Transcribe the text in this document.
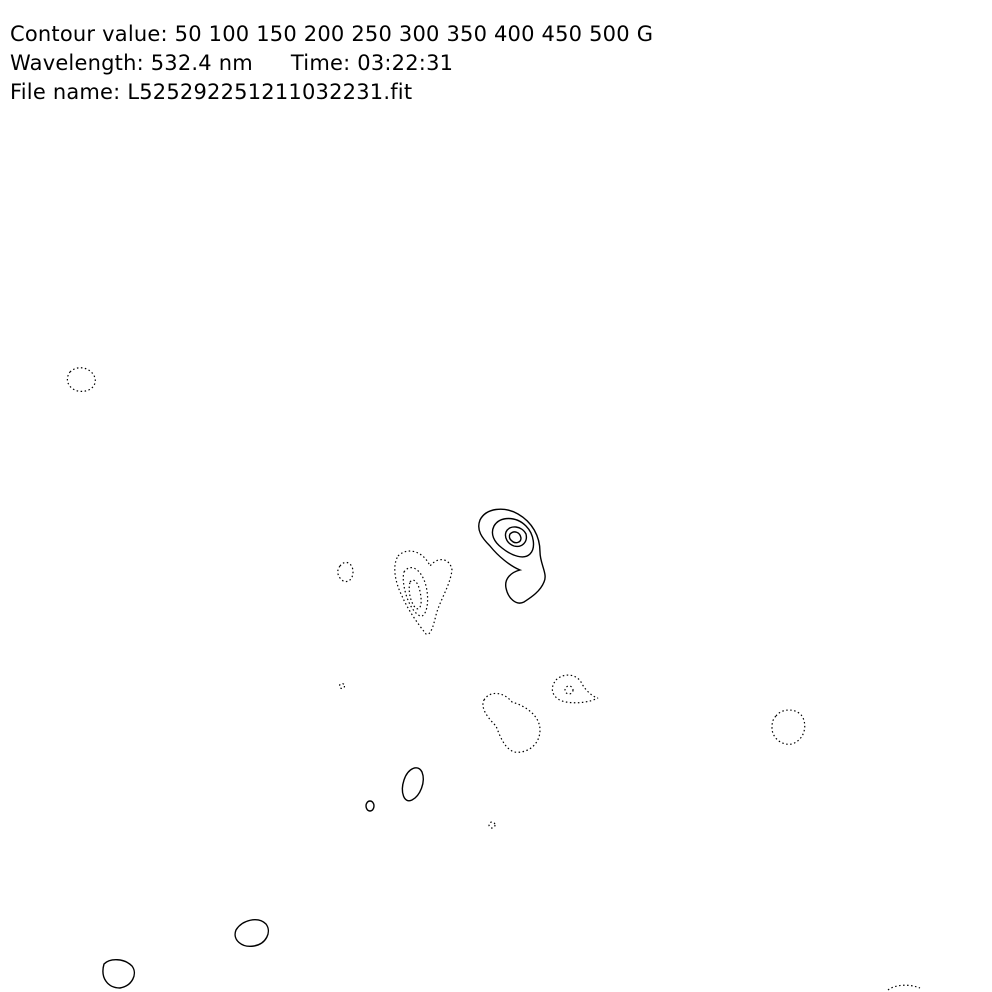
Contour value: 50 100 150 200 250 300 350 400 450 500 G
Wavelength: 532.4 nm Time: 03:22:31
File name: L525292251211032231.fit
